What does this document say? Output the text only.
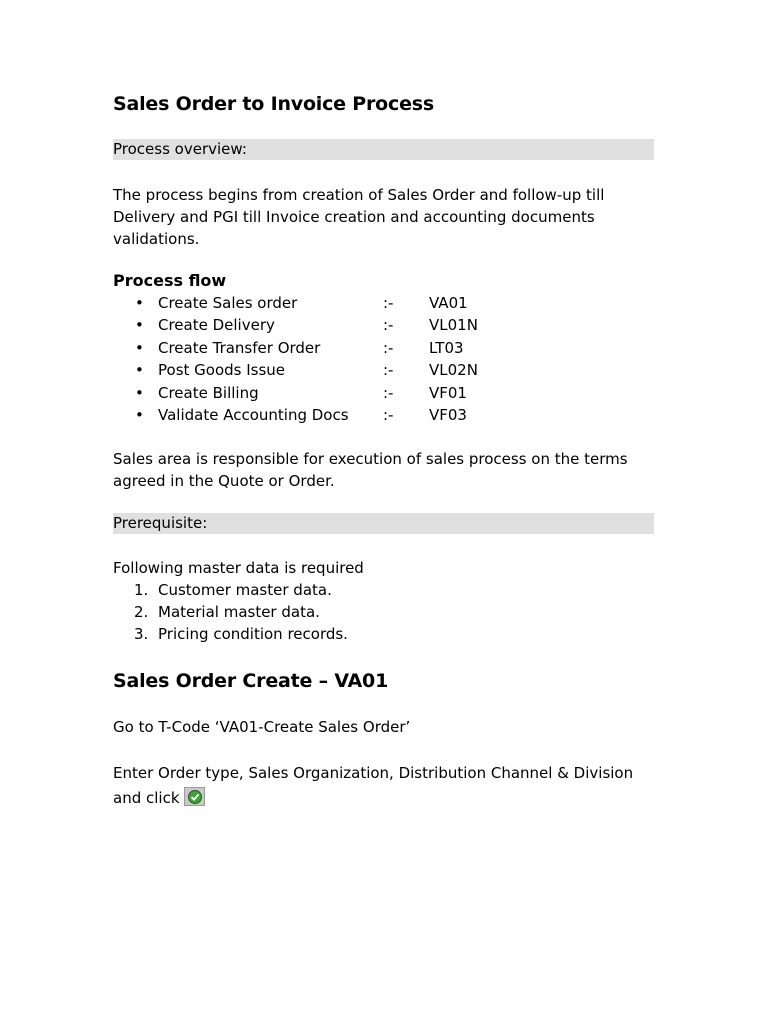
Sales Order to Invoice Process
Process overview:

The process begins from creation of Sales Order and follow-up till
Delivery and PGI till Invoice creation and accounting documents
validations.

Process flow
• Create Sales order	:- VA01
• Create Delivery	:- VL01N
• Create Transfer Order	:- LT03
• Post Goods Issue	:- VL02N
• Create Billing	:- VF01
• Validate Accounting Docs :- VF03

Sales area is responsible for execution of sales process on the terms
agreed in the Quote or Order.

Prerequisite:

Following master data is required

1. Customer master data.
2. Material master data.
3. Pricing condition records.
Sales Order Create – VA01

Go to T-Code ‘VA01-Create Sales Order’

Enter Order type, Sales Organization, Distribution Channel & Division
and click
